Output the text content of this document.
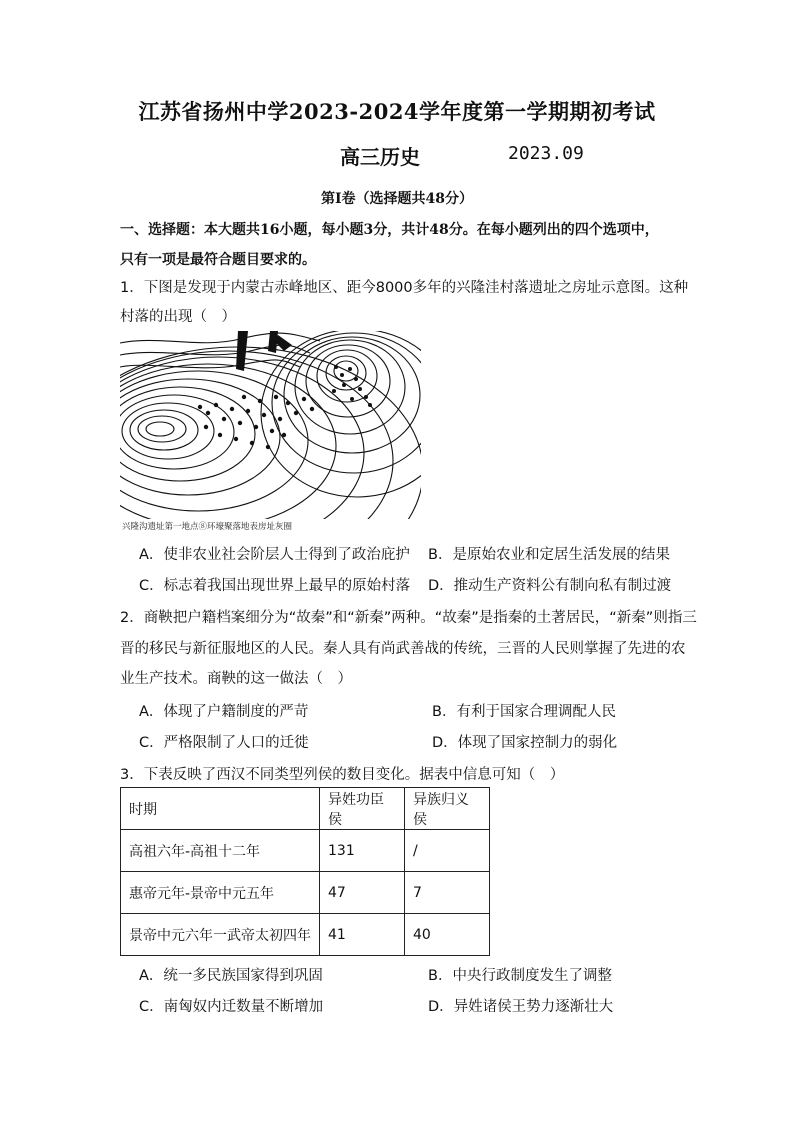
江苏省扬州中学2023-2024学年度第一学期期初考试
高三历史	2023.09
第Ⅰ卷（选择题共48分）
一、选择题：本大题共16小题，每小题3分，共计48分。在每小题列出的四个选项中，
只有一项是最符合题目要求的。
1．下图是发现于内蒙古赤峰地区、距今8000多年的兴隆洼村落遗址之房址示意图。这种
村落的出现（　）
兴隆沟遗址第一地点⑧环壕聚落地表房址灰圈
A．使非农业社会阶层人士得到了政治庇护 B．是原始农业和定居生活发展的结果
C．标志着我国出现世界上最早的原始村落 D．推动生产资料公有制向私有制过渡
2．商鞅把户籍档案细分为“故秦”和“新秦”两种。“故秦”是指秦的土著居民，“新秦”则指三
晋的移民与新征服地区的人民。秦人具有尚武善战的传统，三晋的人民则掌握了先进的农
业生产技术。商鞅的这一做法（　）
A．体现了户籍制度的严苛	B．有利于国家合理调配人民
C．严格限制了人口的迁徙	D．体现了国家控制力的弱化
3．下表反映了西汉不同类型列侯的数目变化。据表中信息可知（　）
时期	异姓功臣侯	异族归义侯
高祖六年-高祖十二年	131	/
惠帝元年-景帝中元五年	47	7
景帝中元六年一武帝太初四年	41	40
A．统一多民族国家得到巩固	B．中央行政制度发生了调整
C．南匈奴内迁数量不断增加	D．异姓诸侯王势力逐渐壮大
